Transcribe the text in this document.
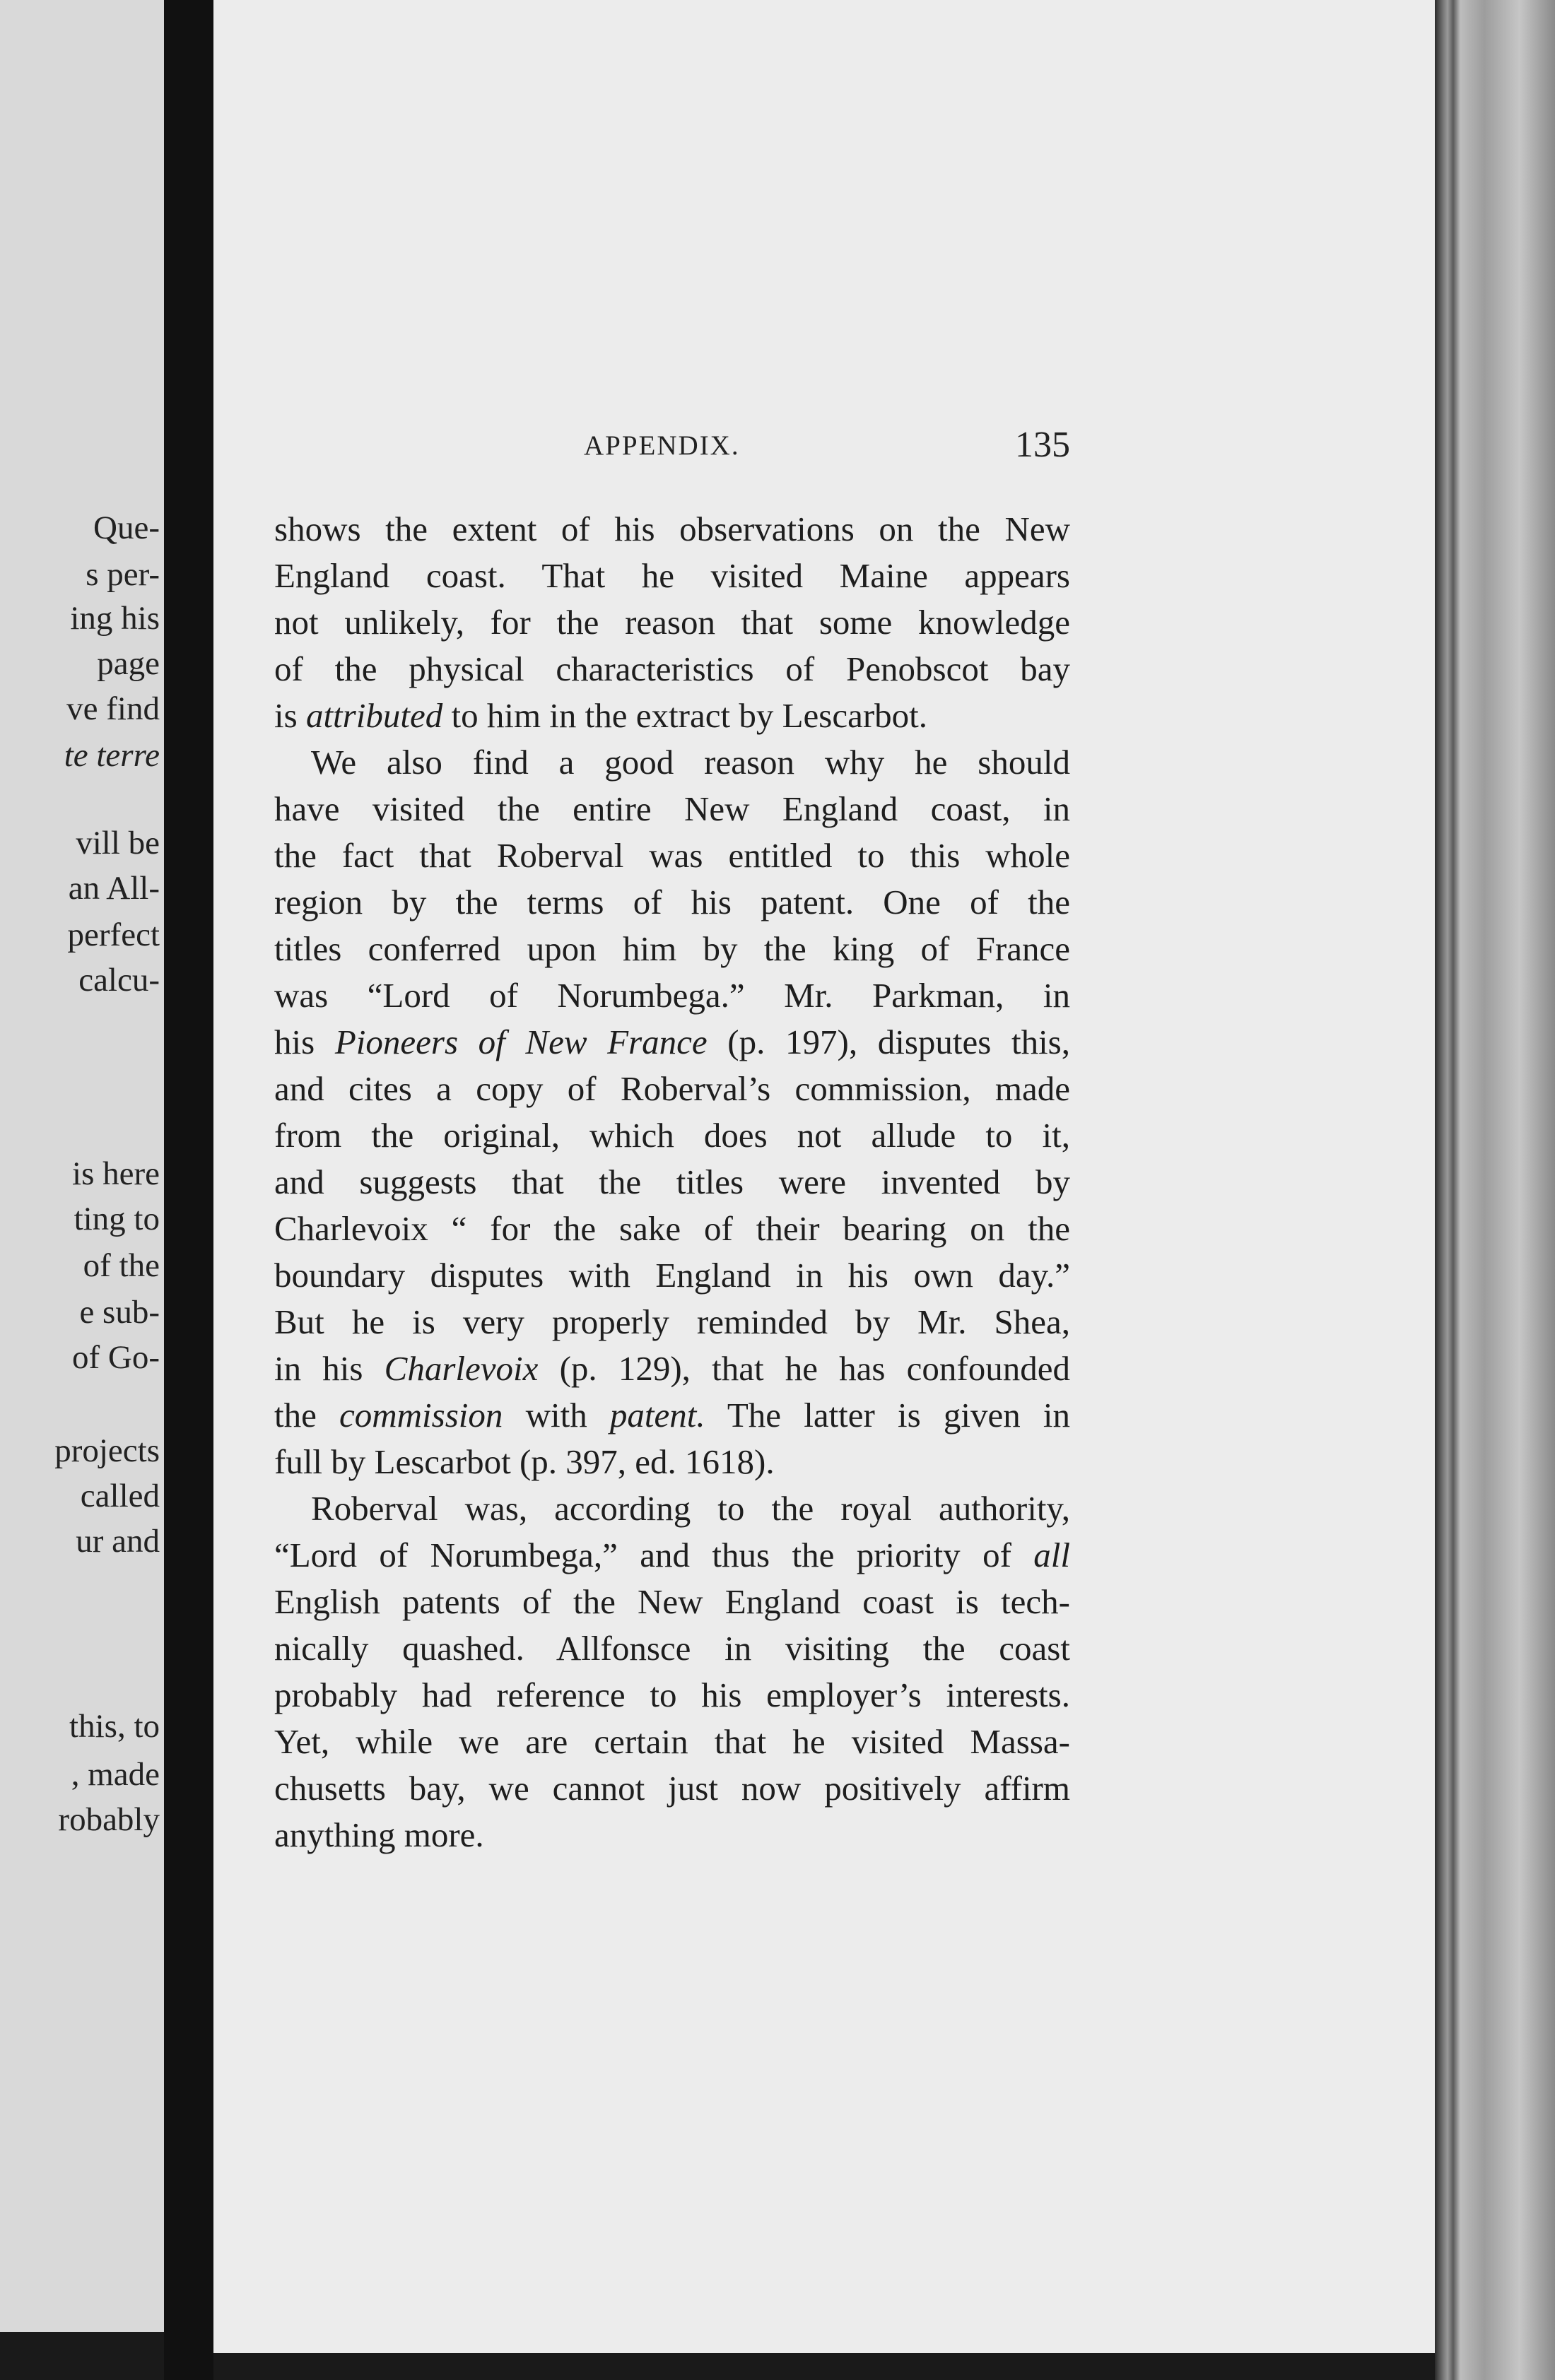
Que-
s per-
ing his
page
ve find
te terre
vill be
an All-
perfect
calcu-
is here
ting to
of the
e sub-
of Go-
projects
called
ur and
this, to
, made
robably
APPENDIX.	135
shows the extent of his observations on the New
England coast. That he visited Maine appears
not unlikely, for the reason that some knowledge
of the physical characteristics of Penobscot bay
is attributed to him in the extract by Lescarbot.
We also find a good reason why he should
have visited the entire New England coast, in
the fact that Roberval was entitled to this whole
region by the terms of his patent. One of the
titles conferred upon him by the king of France
was “Lord of Norumbega.” Mr. Parkman, in
his Pioneers of New France (p. 197), disputes this,
and cites a copy of Roberval’s commission, made
from the original, which does not allude to it,
and suggests that the titles were invented by
Charlevoix “ for the sake of their bearing on the
boundary disputes with England in his own day.”
But he is very properly reminded by Mr. Shea,
in his Charlevoix (p. 129), that he has confounded
the commission with patent. The latter is given in
full by Lescarbot (p. 397, ed. 1618).
Roberval was, according to the royal authority,
“Lord of Norumbega,” and thus the priority of all
English patents of the New England coast is tech-
nically quashed. Allfonsce in visiting the coast
probably had reference to his employer’s interests.
Yet, while we are certain that he visited Massa-
chusetts bay, we cannot just now positively affirm
anything more.
